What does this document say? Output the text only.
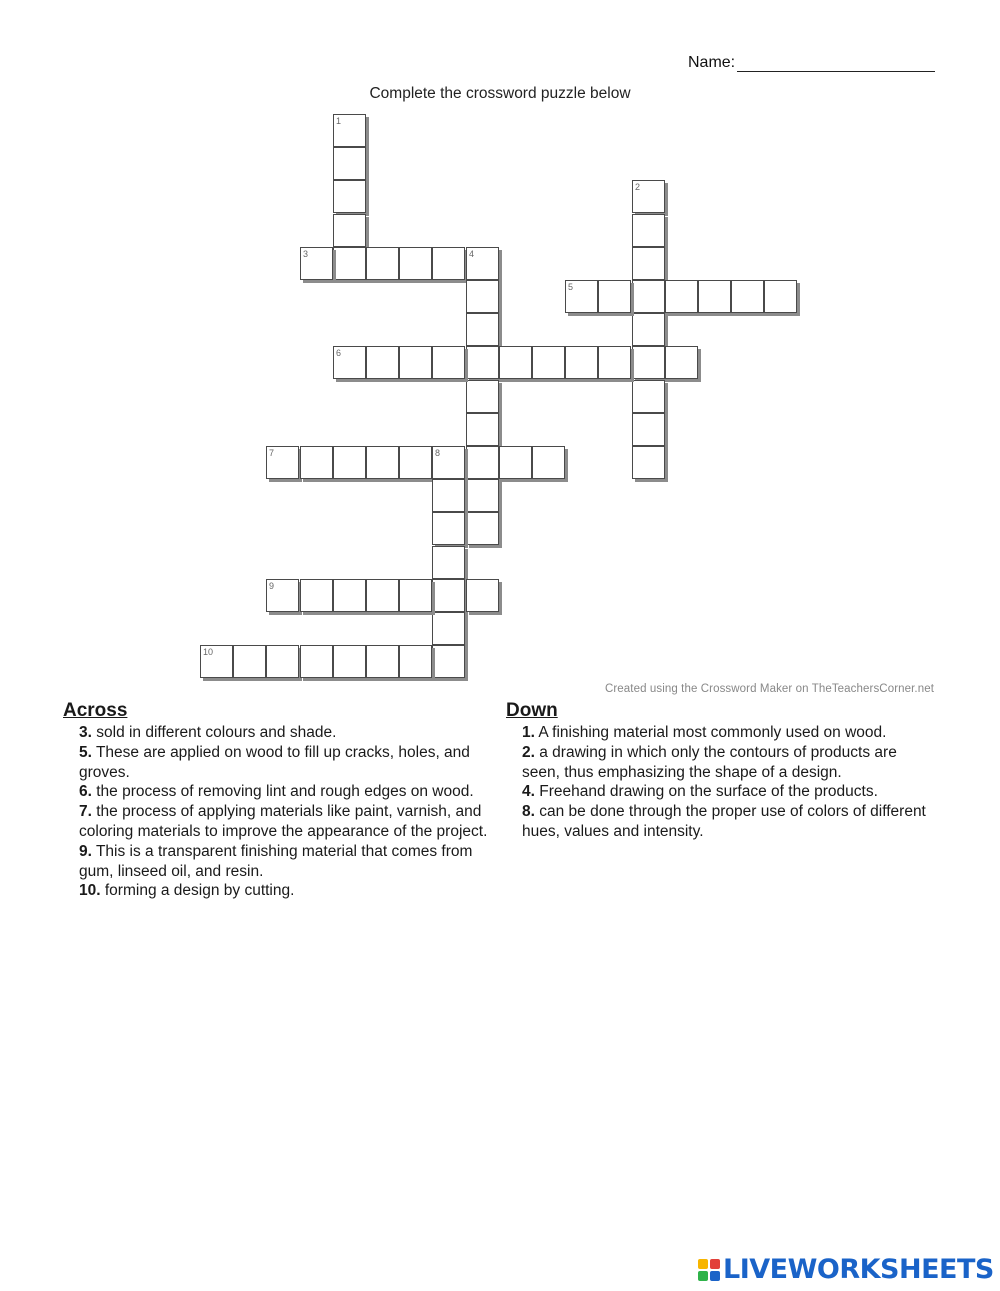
Name:
Complete the crossword puzzle below
1
2
3	4
5
6
7	8
9
10
Created using the Crossword Maker on TheTeachersCorner.net
Across
3. sold in different colours and shade.
5. These are applied on wood to fill up cracks, holes, and groves.
6. the process of removing lint and rough edges on wood.
7. the process of applying materials like paint, varnish, and coloring materials to improve the appearance of the project.
9. This is a transparent finishing material that comes from gum, linseed oil, and resin.
10. forming a design by cutting.
Down
1. A finishing material most commonly used on wood.
2. a drawing in which only the contours of products are seen, thus emphasizing the shape of a design.
4. Freehand drawing on the surface of the products.
8. can be done through the proper use of colors of different hues, values and intensity.
LIVEWORKSHEETS
